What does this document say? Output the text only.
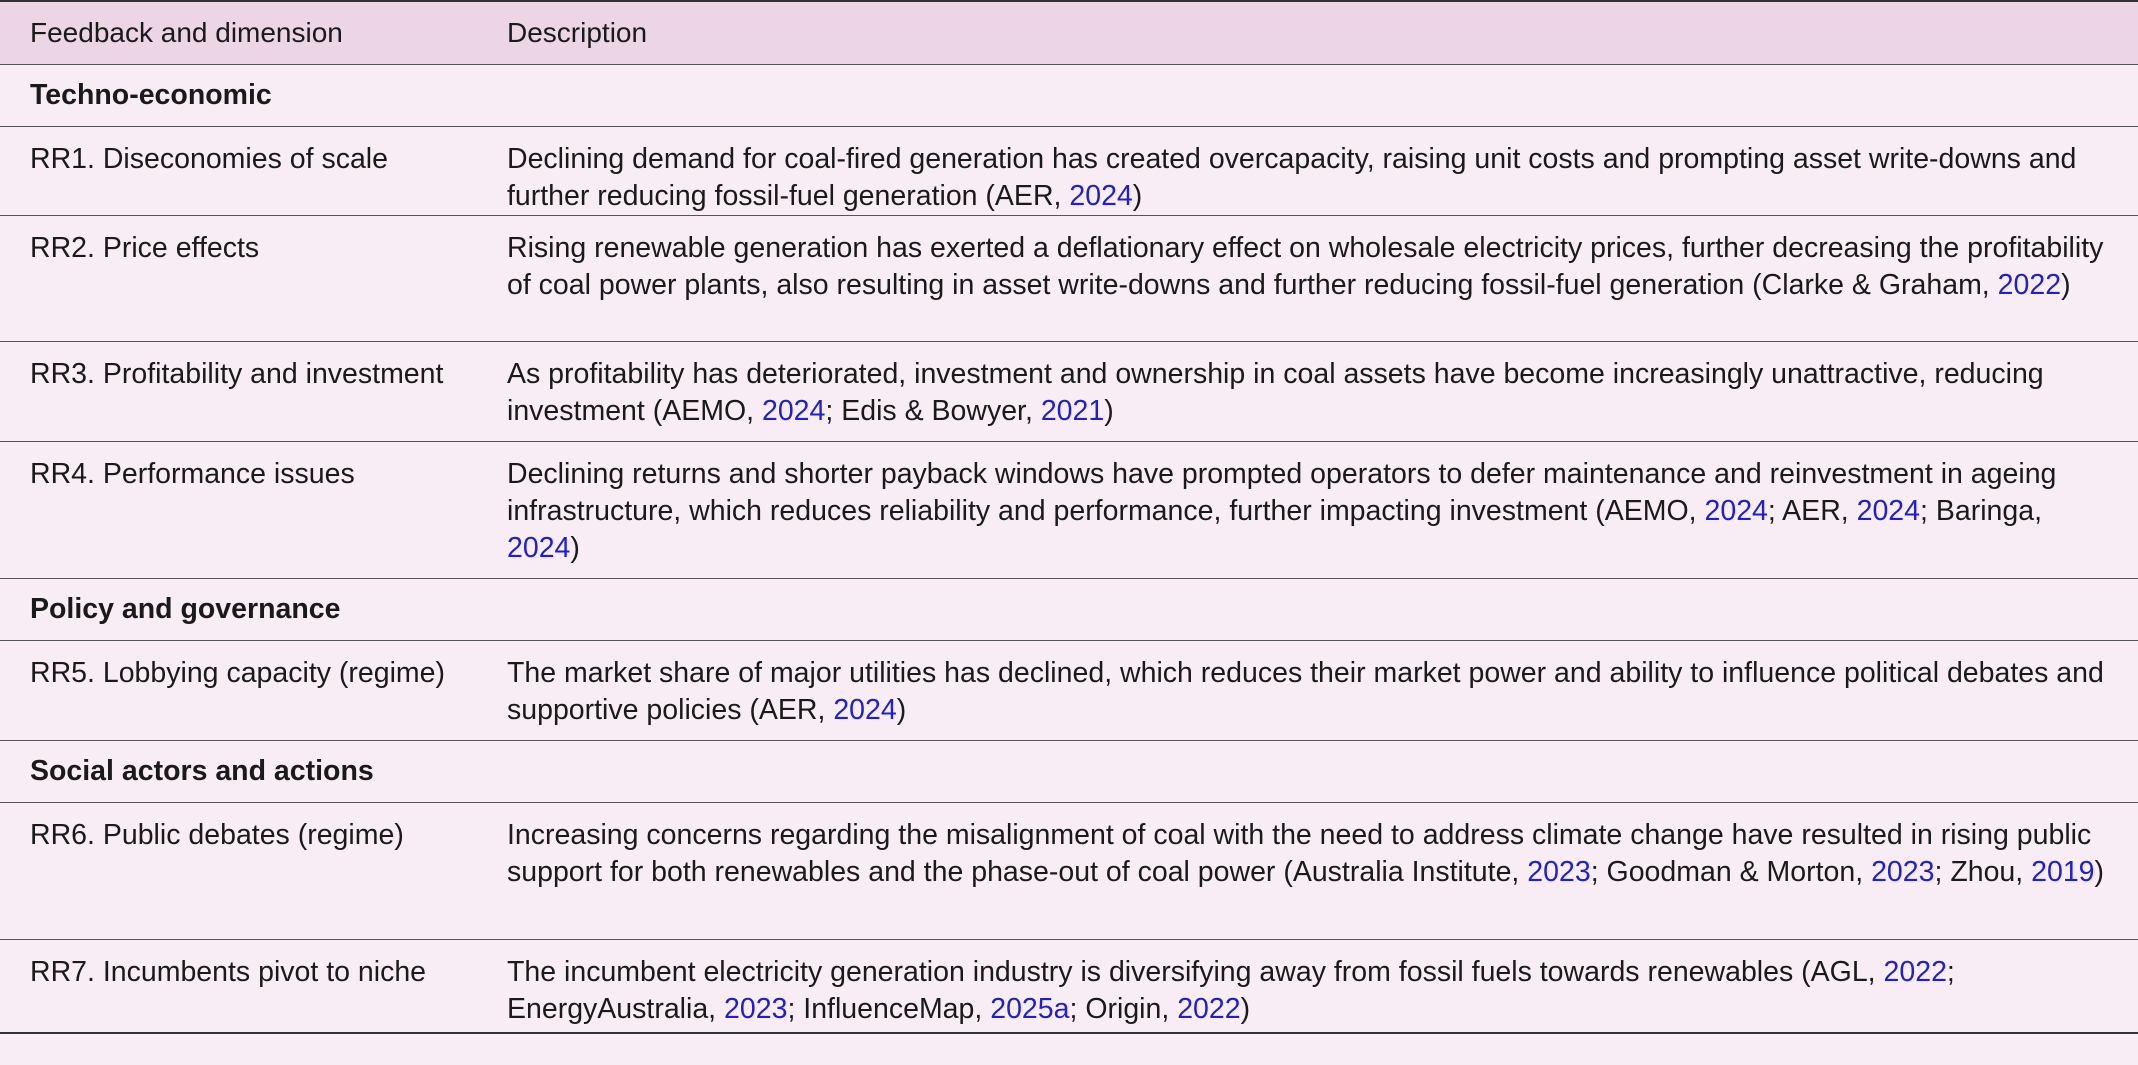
Feedback and dimension	Description
Techno-economic
RR1. Diseconomies of scale	Declining demand for coal-fired generation has created overcapacity, raising unit costs and prompting asset write-downs and further reducing fossil-fuel generation (AER, 2024)
RR2. Price effects	Rising renewable generation has exerted a deflationary effect on wholesale electricity prices, further decreasing the profitability of coal power plants, also resulting in asset write-downs and further reducing fossil-fuel generation (Clarke & Graham, 2022)
RR3. Profitability and investment	As profitability has deteriorated, investment and ownership in coal assets have become increasingly unattractive, reducing investment (AEMO, 2024; Edis & Bowyer, 2021)
RR4. Performance issues	Declining returns and shorter payback windows have prompted operators to defer maintenance and reinvestment in ageing infrastructure, which reduces reliability and performance, further impacting investment (AEMO, 2024; AER, 2024; Baringa, 2024)
Policy and governance
RR5. Lobbying capacity (regime)	The market share of major utilities has declined, which reduces their market power and ability to influence political debates and supportive policies (AER, 2024)
Social actors and actions
RR6. Public debates (regime)	Increasing concerns regarding the misalignment of coal with the need to address climate change have resulted in rising public support for both renewables and the phase-out of coal power (Australia Institute, 2023; Goodman & Morton, 2023; Zhou, 2019)
RR7. Incumbents pivot to niche	The incumbent electricity generation industry is diversifying away from fossil fuels towards renewables (AGL, 2022; EnergyAustralia, 2023; InfluenceMap, 2025a; Origin, 2022)
